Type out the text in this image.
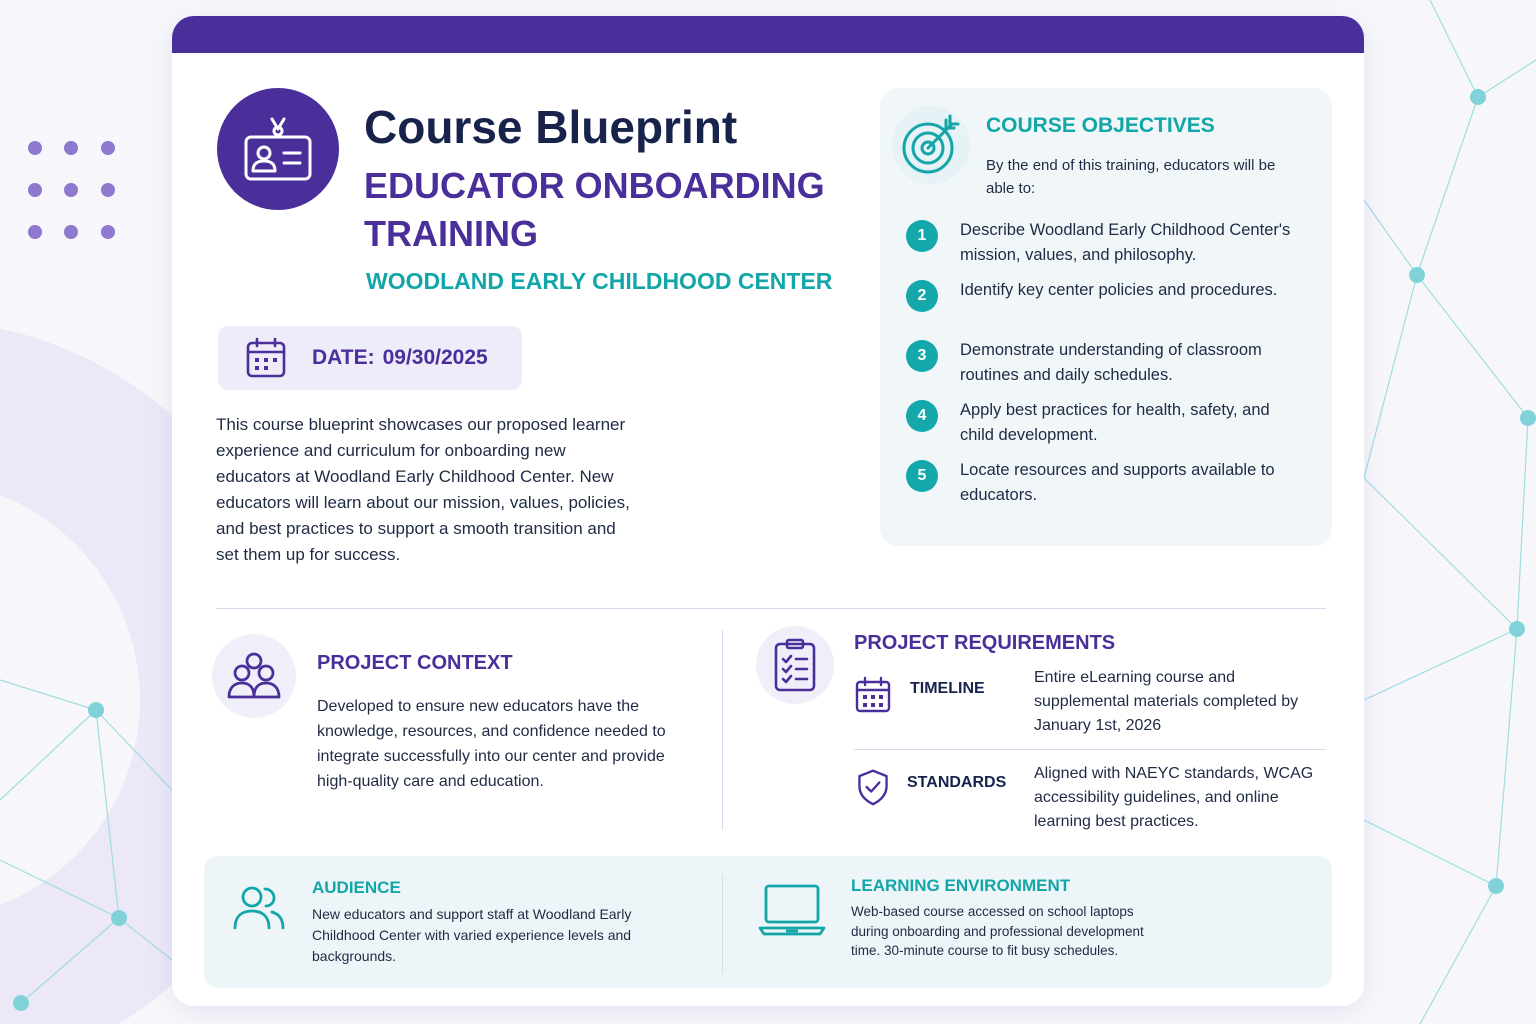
Course Blueprint
EDUCATOR ONBOARDING TRAINING
WOODLAND EARLY CHILDHOOD CENTER
DATE: 09/30/2025

This course blueprint showcases our proposed learner experience and curriculum for onboarding new educators at Woodland Early Childhood Center. New educators will learn about our mission, values, policies, and best practices to support a smooth transition and set them up for success.

COURSE OBJECTIVES
By the end of this training, educators will be able to:
1	Describe Woodland Early Childhood Center's mission, values, and philosophy.
2	Identify key center policies and procedures.
3	Demonstrate understanding of classroom routines and daily schedules.
4	Apply best practices for health, safety, and child development.
5	Locate resources and supports available to educators.
PROJECT CONTEXT

Developed to ensure new educators have the knowledge, resources, and confidence needed to integrate successfully into our center and provide high-quality care and education.

PROJECT REQUIREMENTS
TIMELINE
Entire eLearning course and supplemental materials completed by January 1st, 2026
STANDARDS
Aligned with NAEYC standards, WCAG accessibility guidelines, and online learning best practices.
AUDIENCE

New educators and support staff at Woodland Early Childhood Center with varied experience levels and backgrounds.

LEARNING ENVIRONMENT

Web-based course accessed on school laptops during onboarding and professional development time. 30-minute course to fit busy schedules.
